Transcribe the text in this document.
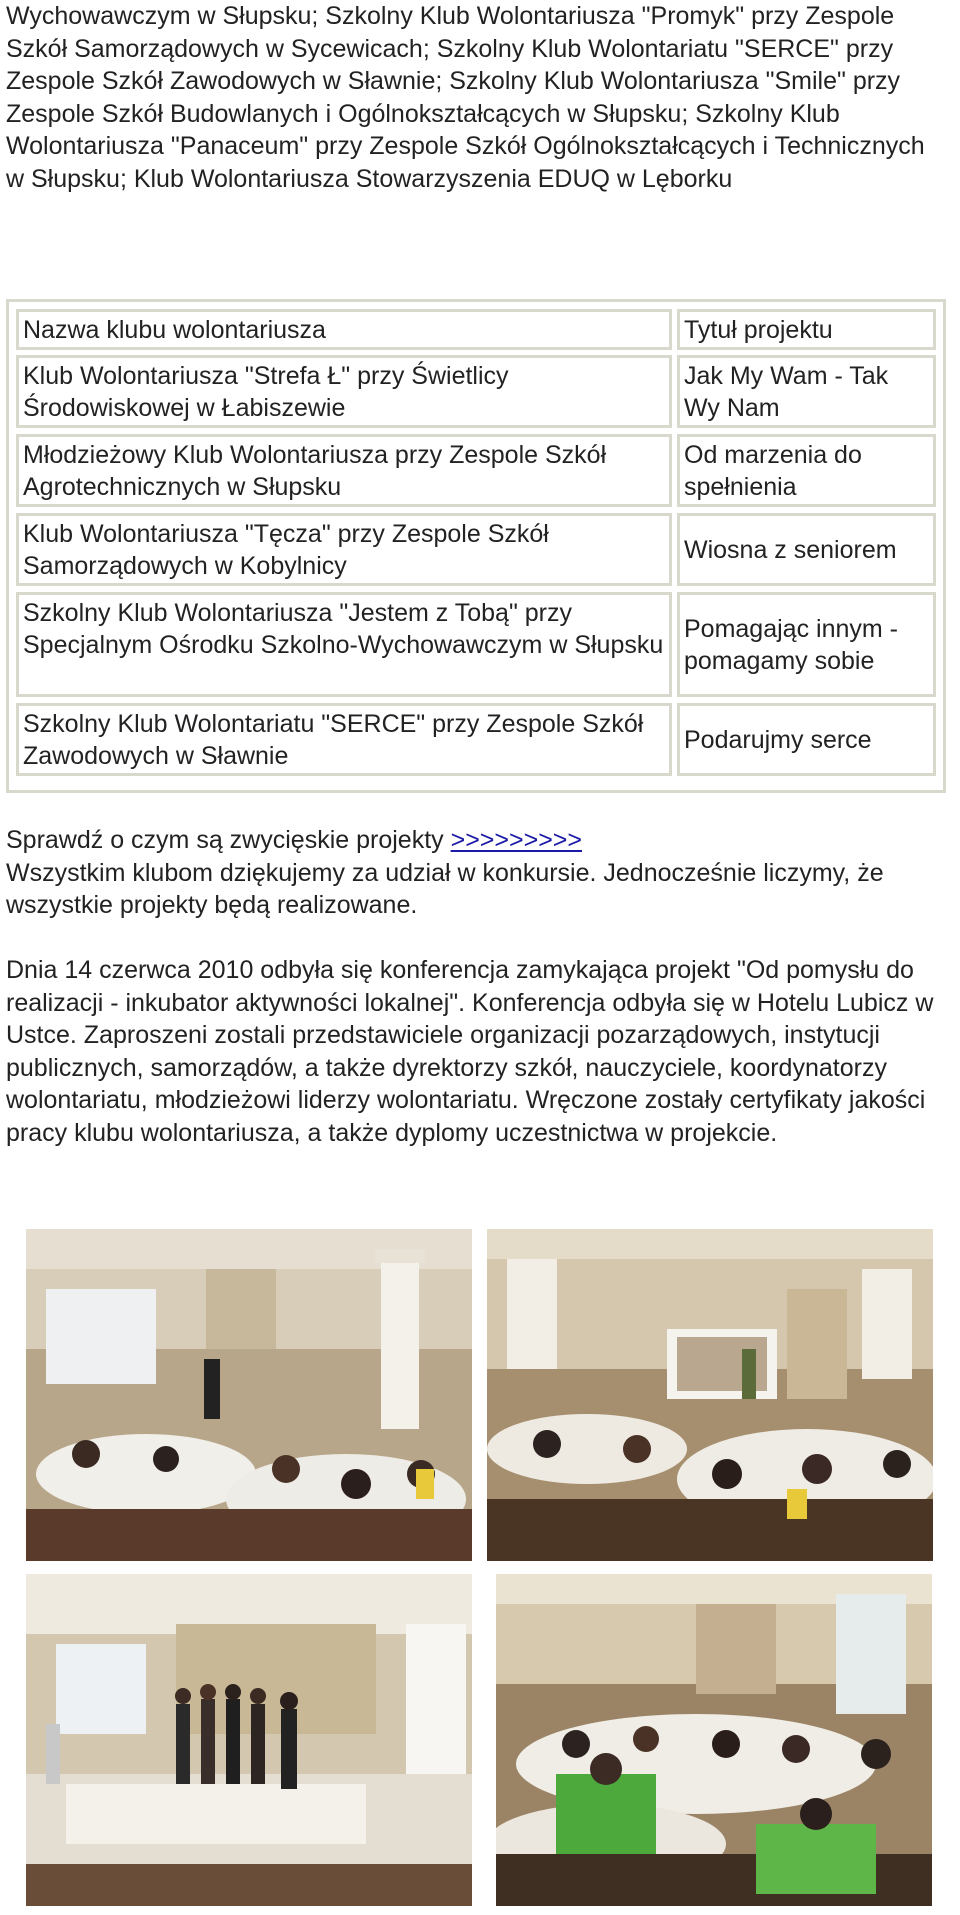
Wychowawczym w Słupsku; Szkolny Klub Wolontariusza "Promyk" przy Zespole Szkół Samorządowych w Sycewicach; Szkolny Klub Wolontariatu "SERCE" przy Zespole Szkół Zawodowych w Sławnie; Szkolny Klub Wolontariusza "Smile" przy Zespole Szkół Budowlanych i Ogólnokształcących w Słupsku; Szkolny Klub Wolontariusza "Panaceum" przy Zespole Szkół Ogólnokształcących i Technicznych w Słupsku; Klub Wolontariusza Stowarzyszenia EDUQ w Lęborku
Nazwa klubu wolontariusza	Tytuł projektu
Klub Wolontariusza "Strefa Ł" przy Świetlicy Środowiskowej w Łabiszewie
Jak My Wam - Tak Wy Nam
Młodzieżowy Klub Wolontariusza przy Zespole Szkół Agrotechnicznych w Słupsku
Od marzenia do spełnienia
Klub Wolontariusza "Tęcza" przy Zespole Szkół Samorządowych w Kobylnicy
Wiosna z seniorem
Szkolny Klub Wolontariusza "Jestem z Tobą" przy Specjalnym Ośrodku Szkolno-Wychowawczym w Słupsku
Pomagając innym - pomagamy sobie
Szkolny Klub Wolontariatu "SERCE" przy Zespole Szkół Zawodowych w Sławnie
Podarujmy serce
Sprawdź o czym są zwycięskie projekty >>>>>>>>>
Wszystkim klubom dziękujemy za udział w konkursie. Jednocześnie liczymy, że wszystkie projekty będą realizowane.
Dnia 14 czerwca 2010 odbyła się konferencja zamykająca projekt "Od pomysłu do realizacji - inkubator aktywności lokalnej". Konferencja odbyła się w Hotelu Lubicz w Ustce. Zaproszeni zostali przedstawiciele organizacji pozarządowych, instytucji publicznych, samorządów, a także dyrektorzy szkół, nauczyciele, koordynatorzy wolontariatu, młodzieżowi liderzy wolontariatu. Wręczone zostały certyfikaty jakości pracy klubu wolontariusza, a także dyplomy uczestnictwa w projekcie.
